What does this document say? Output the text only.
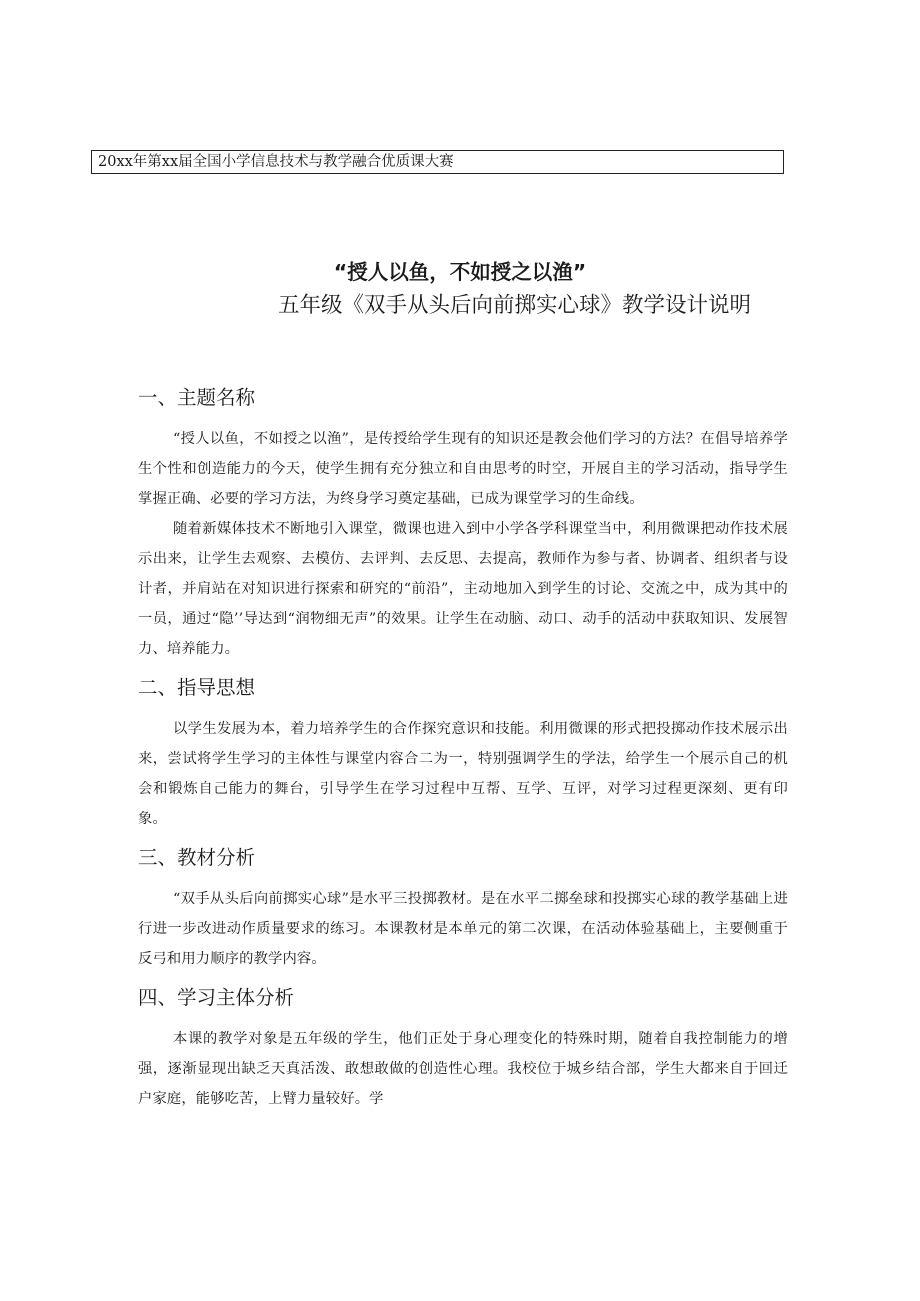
20xx年第xx届全国小学信息技术与教学融合优质课大赛
“授人以鱼，不如授之以渔”
五年级《双手从头后向前掷实心球》教学设计说明
一、主题名称

“授人以鱼，不如授之以渔”，是传授给学生现有的知识还是教会他们学习的方法？在倡导培养学生个性和创造能力的今天，使学生拥有充分独立和自由思考的时空，开展自主的学习活动，指导学生掌握正确、必要的学习方法，为终身学习奠定基础，已成为课堂学习的生命线。

随着新媒体技术不断地引入课堂，微课也进入到中小学各学科课堂当中，利用微课把动作技术展示出来，让学生去观察、去模仿、去评判、去反思、去提高，教师作为参与者、协调者、组织者与设计者，并肩站在对知识进行探索和研究的“前沿”，主动地加入到学生的讨论、交流之中，成为其中的一员，通过“隐’’导达到“润物细无声”的效果。让学生在动脑、动口、动手的活动中获取知识、发展智力、培养能力。

二、指导思想

以学生发展为本，着力培养学生的合作探究意识和技能。利用微课的形式把投掷动作技术展示出来，尝试将学生学习的主体性与课堂内容合二为一，特别强调学生的学法，给学生一个展示自己的机会和锻炼自己能力的舞台，引导学生在学习过程中互帮、互学、互评，对学习过程更深刻、更有印象。

三、教材分析

“双手从头后向前掷实心球”是水平三投掷教材。是在水平二掷垒球和投掷实心球的教学基础上进行进一步改进动作质量要求的练习。本课教材是本单元的第二次课，在活动体验基础上，主要侧重于反弓和用力顺序的教学内容。

四、学习主体分析

本课的教学对象是五年级的学生，他们正处于身心理变化的特殊时期，随着自我控制能力的增强，逐渐显现出缺乏天真活泼、敢想敢做的创造性心理。我校位于城乡结合部，学生大都来自于回迁户家庭，能够吃苦，上臂力量较好。学
